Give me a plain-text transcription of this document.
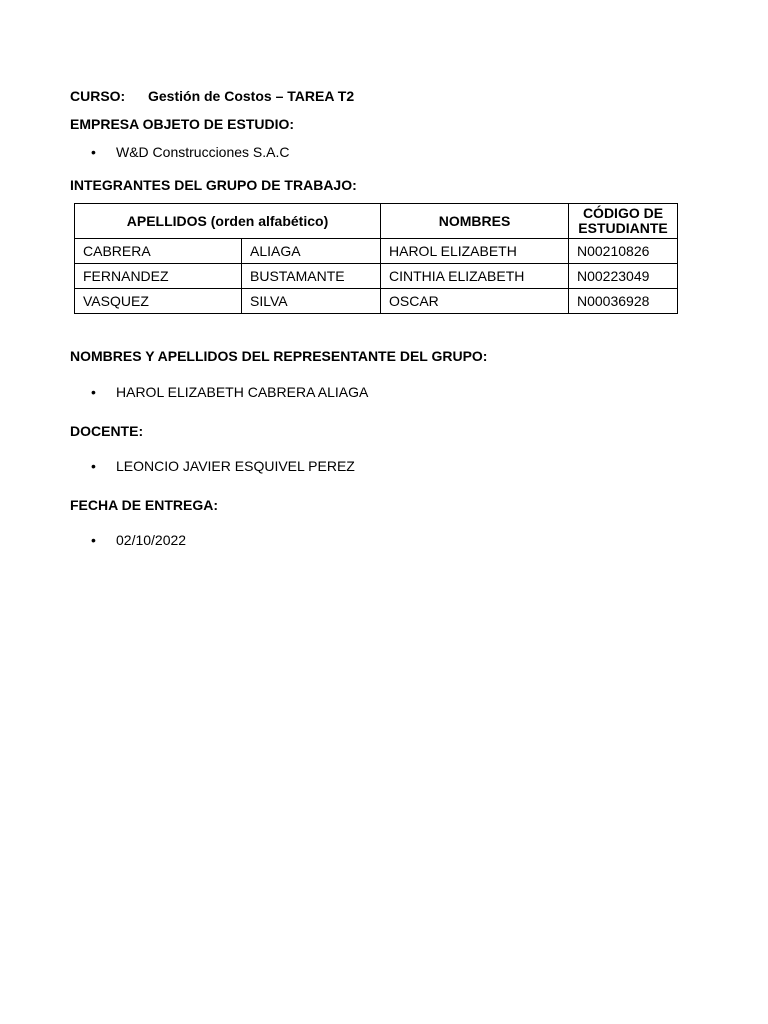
CURSO: Gestión de Costos – TAREA T2
EMPRESA OBJETO DE ESTUDIO:
• W&D Construcciones S.A.C
INTEGRANTES DEL GRUPO DE TRABAJO:
APELLIDOS (orden alfabético)		NOMBRES	CÓDIGO DE
ESTUDIANTE
CABRERA	ALIAGA	HAROL ELIZABETH	N00210826
FERNANDEZ	BUSTAMANTE	CINTHIA ELIZABETH	N00223049
VASQUEZ	SILVA	OSCAR	N00036928
NOMBRES Y APELLIDOS DEL REPRESENTANTE DEL GRUPO:
• HAROL ELIZABETH CABRERA ALIAGA
DOCENTE:
• LEONCIO JAVIER ESQUIVEL PEREZ
FECHA DE ENTREGA:
• 02/10/2022
